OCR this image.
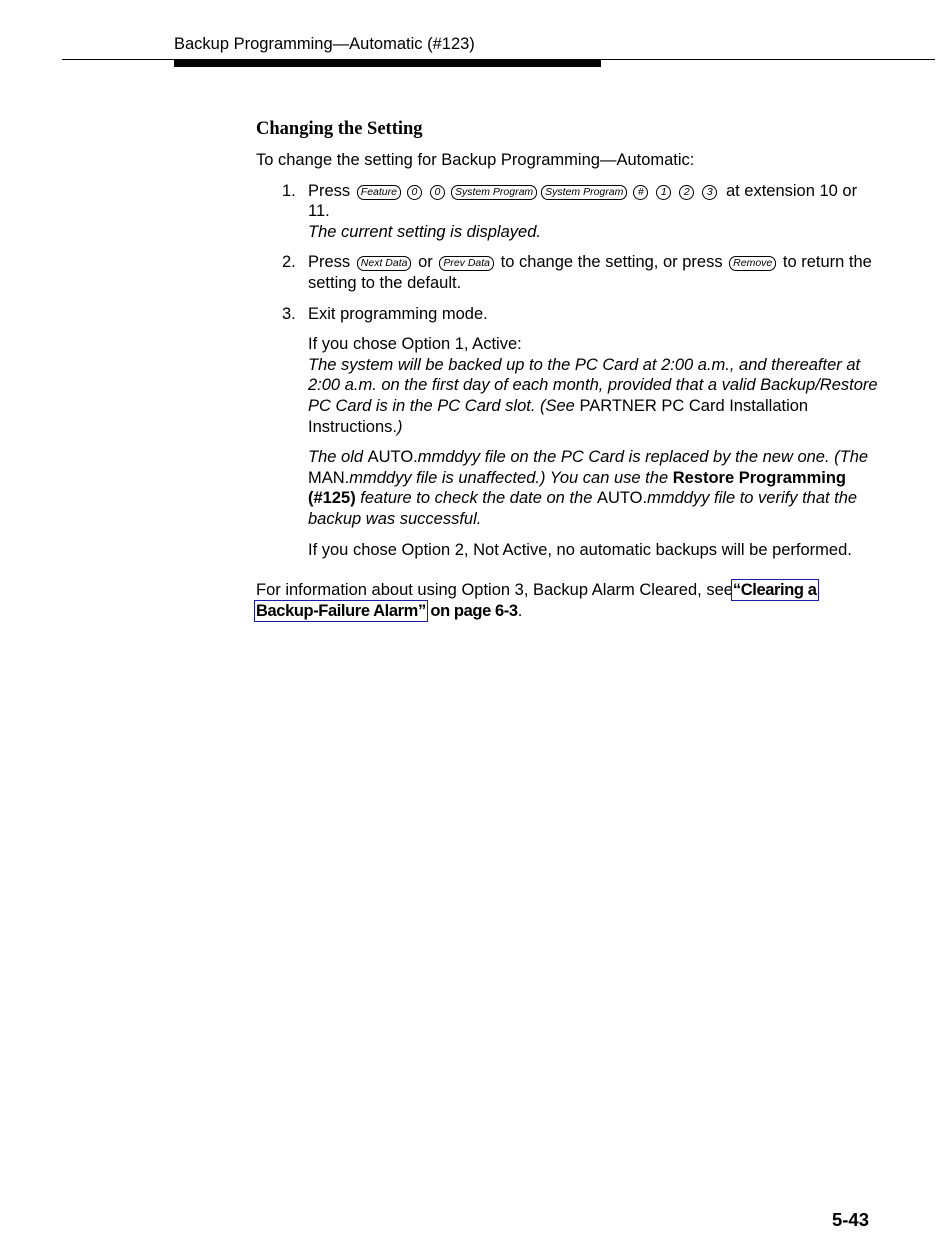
Backup Programming—Automatic (#123)
Changing the Setting

To change the setting for Backup Programming—Automatic:

1. Press Feature 0 0 System Program System Program # 1 2 3 at extension 10 or 11.
The current setting is displayed.
2. Press Next Data or Prev Data to change the setting, or press Remove to return the setting to the default.
3. Exit programming mode.
If you chose Option 1, Active:
The system will be backed up to the PC Card at 2:00 a.m., and thereafter at 2:00 a.m. on the first day of each month, provided that a valid Backup/Restore PC Card is in the PC Card slot. (See PARTNER PC Card Installation Instructions.)
The old AUTO.mmddyy file on the PC Card is replaced by the new one. (The MAN.mmddyy file is unaffected.) You can use the Restore Programming (#125) feature to check the date on the AUTO.mmddyy file to verify that the backup was successful.

If you chose Option 2, Not Active, no automatic backups will be performed.

For information about using Option 3, Backup Alarm Cleared, see“Clearing a Backup-Failure Alarm” on page 6-3.

5-43
